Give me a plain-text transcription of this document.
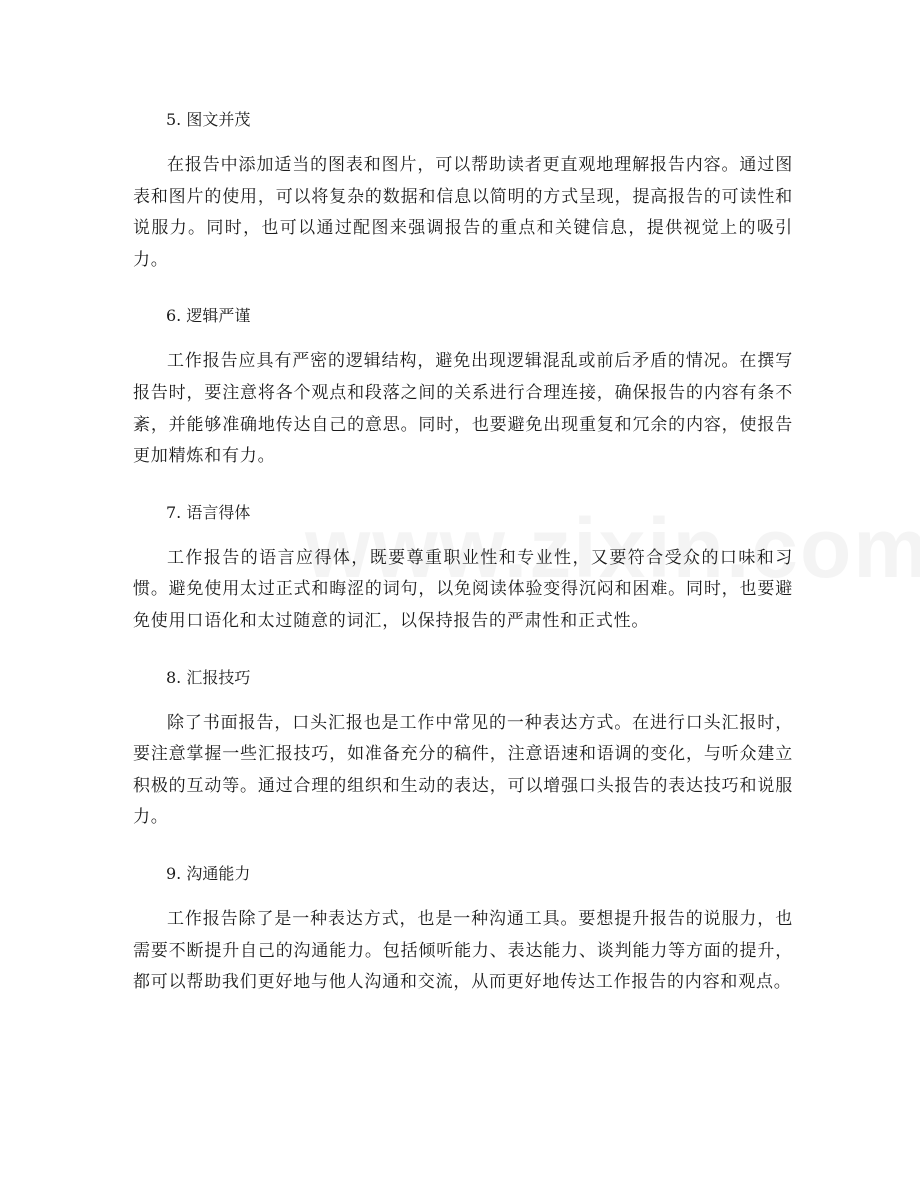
5. 图文并茂

在报告中添加适当的图表和图片，可以帮助读者更直观地理解报告内容。通过图表和图片的使用，可以将复杂的数据和信息以简明的方式呈现，提高报告的可读性和说服力。同时，也可以通过配图来强调报告的重点和关键信息，提供视觉上的吸引力。

6. 逻辑严谨

工作报告应具有严密的逻辑结构，避免出现逻辑混乱或前后矛盾的情况。在撰写报告时，要注意将各个观点和段落之间的关系进行合理连接，确保报告的内容有条不紊，并能够准确地传达自己的意思。同时，也要避免出现重复和冗余的内容，使报告更加精炼和有力。

7. 语言得体

工作报告的语言应得体，既要尊重职业性和专业性，又要符合受众的口味和习惯。避免使用太过正式和晦涩的词句，以免阅读体验变得沉闷和困难。同时，也要避免使用口语化和太过随意的词汇，以保持报告的严肃性和正式性。

8. 汇报技巧

除了书面报告，口头汇报也是工作中常见的一种表达方式。在进行口头汇报时，要注意掌握一些汇报技巧，如准备充分的稿件，注意语速和语调的变化，与听众建立积极的互动等。通过合理的组织和生动的表达，可以增强口头报告的表达技巧和说服力。

9. 沟通能力

工作报告除了是一种表达方式，也是一种沟通工具。要想提升报告的说服力，也需要不断提升自己的沟通能力。包括倾听能力、表达能力、谈判能力等方面的提升，都可以帮助我们更好地与他人沟通和交流，从而更好地传达工作报告的内容和观点。
